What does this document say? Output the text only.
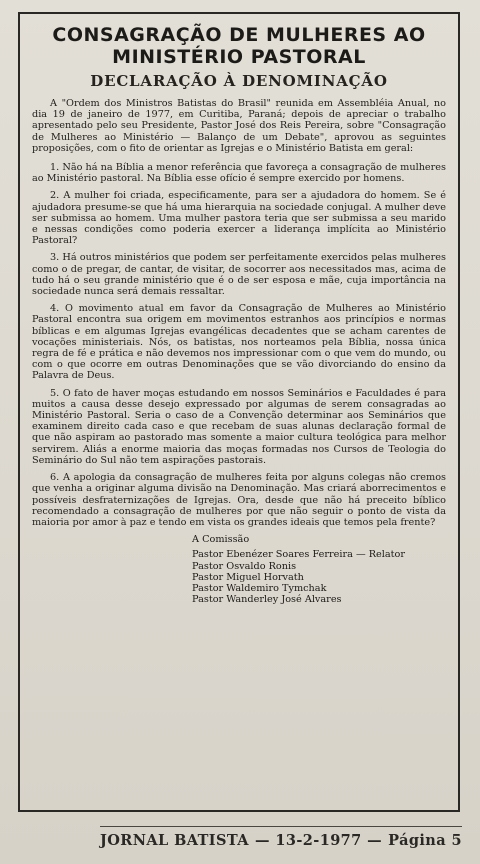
CONSAGRAÇÃO DE MULHERES AO
MINISTÉRIO PASTORAL
DECLARAÇÃO À DENOMINAÇÃO

A "Ordem dos Ministros Batistas do Brasil" reunida em Assembléia Anual, no dia 19 de janeiro de 1977, em Curitiba, Paraná; depois de apreciar o trabalho apresentado pelo seu Presidente, Pastor José dos Reis Pereira, sobre "Consagração de Mulheres ao Ministério — Balanço de um Debate", aprovou as seguintes proposições, com o fito de orientar as Igrejas e o Ministério Batista em geral:

1. Não há na Bíblia a menor referência que favoreça a consagração de mulheres ao Ministério pastoral. Na Bíblia esse ofício é sempre exercido por homens.

2. A mulher foi criada, especificamente, para ser a ajudadora do homem. Se é ajudadora presume-se que há uma hierarquia na sociedade conjugal. A mulher deve ser submissa ao homem. Uma mulher pastora teria que ser submissa a seu marido e nessas condições como poderia exercer a liderança implícita ao Ministério Pastoral?

3. Há outros ministérios que podem ser perfeitamente exercidos pelas mulheres como o de pregar, de cantar, de visitar, de socorrer aos necessitados mas, acima de tudo há o seu grande ministério que é o de ser esposa e mãe, cuja importância na sociedade nunca será demais ressaltar.

4. O movimento atual em favor da Consagração de Mulheres ao Ministério Pastoral encontra sua origem em movimentos estranhos aos princípios e normas bíblicas e em algumas Igrejas evangélicas decadentes que se acham carentes de vocações ministeriais. Nós, os batistas, nos norteamos pela Bíblia, nossa única regra de fé e prática e não devemos nos impressionar com o que vem do mundo, ou com o que ocorre em outras Denominações que se vão divorciando do ensino da Palavra de Deus.

5. O fato de haver moças estudando em nossos Seminários e Faculdades é para muitos a causa desse desejo expressado por algumas de serem consagradas ao Ministério Pastoral. Seria o caso de a Convenção determinar aos Seminários que examinem direito cada caso e que recebam de suas alunas declaração formal de que não aspiram ao pastorado mas somente a maior cultura teológica para melhor servirem. Aliás a enorme maioria das moças formadas nos Cursos de Teologia do Seminário do Sul não tem aspirações pastorais.

6. A apologia da consagração de mulheres feita por alguns colegas não cremos que venha a originar alguma divisão na Denominação. Mas criará aborrecimentos e possíveis desfraternizações de Igrejas. Ora, desde que não há preceito bíblico recomendado a consagração de mulheres por que não seguir o ponto de vista da maioria por amor à paz e tendo em vista os grandes ideais que temos pela frente?

A Comissão
Pastor Ebenézer Soares Ferreira — Relator
Pastor Osvaldo Ronis
Pastor Miguel Horvath
Pastor Waldemiro Tymchak
Pastor Wanderley José Alvares
JORNAL BATISTA — 13-2-1977 — Página 5
